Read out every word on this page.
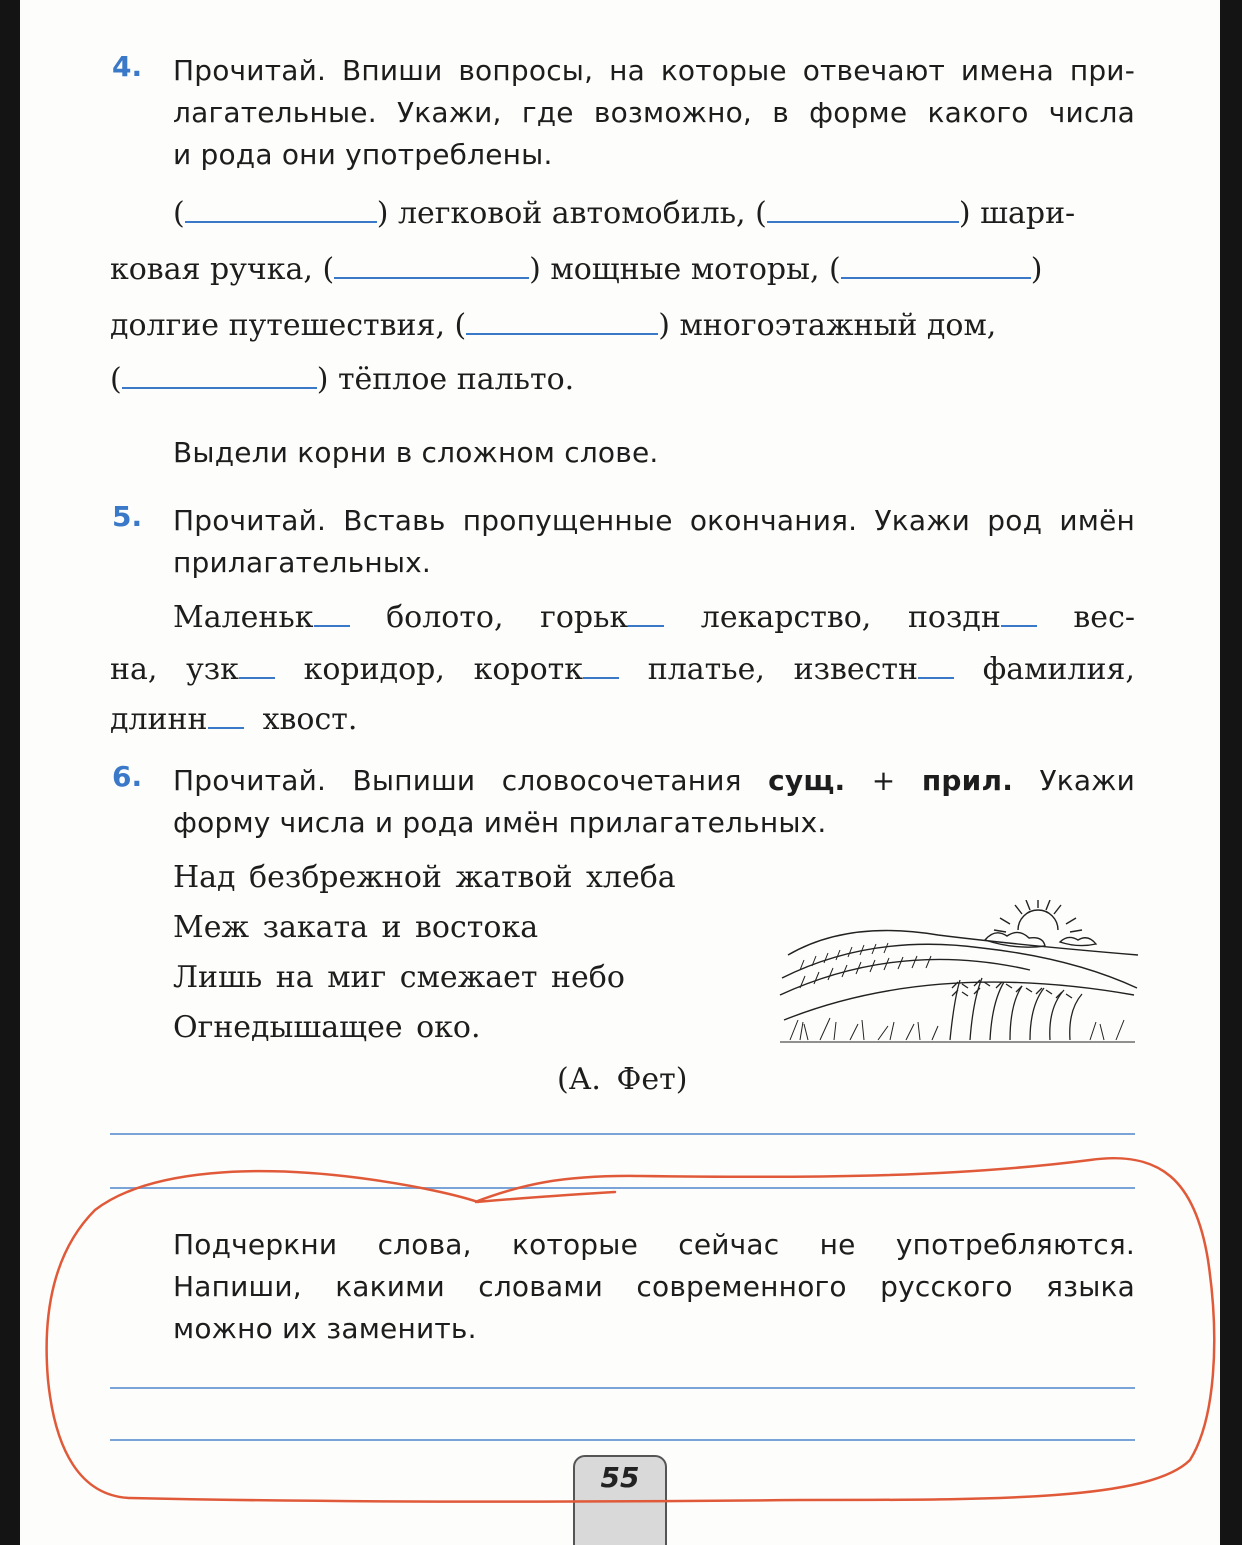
4. Прочитай. Впиши вопросы, на которые отвечают имена при-
лагательные. Укажи, где возможно, в форме какого числа
и рода они употреблены.
(	) легковой автомобиль, (	) шари-
ковая ручка, (	) мощные моторы, (	)
долгие путешествия, (	) многоэтажный дом,
(	) тёплое пальто.
Выдели корни в сложном слове.
5. Прочитай. Вставь пропущенные окончания. Укажи род имён
прилагательных.
Маленьк болото, горьк лекарство, поздн вес-
на, узк коридор, коротк платье, известн фамилия,
длинн хвост.
6. Прочитай. Выпиши словосочетания сущ. + прил. Укажи
форму числа и рода имён прилагательных.
Над безбрежной жатвой хлеба
Меж заката и востока
Лишь на миг смежает небо
Огнедышащее око.
(А. Фет)
Подчеркни слова, которые сейчас не употребляются.
Напиши, какими словами современного русского языка
можно их заменить.
55
